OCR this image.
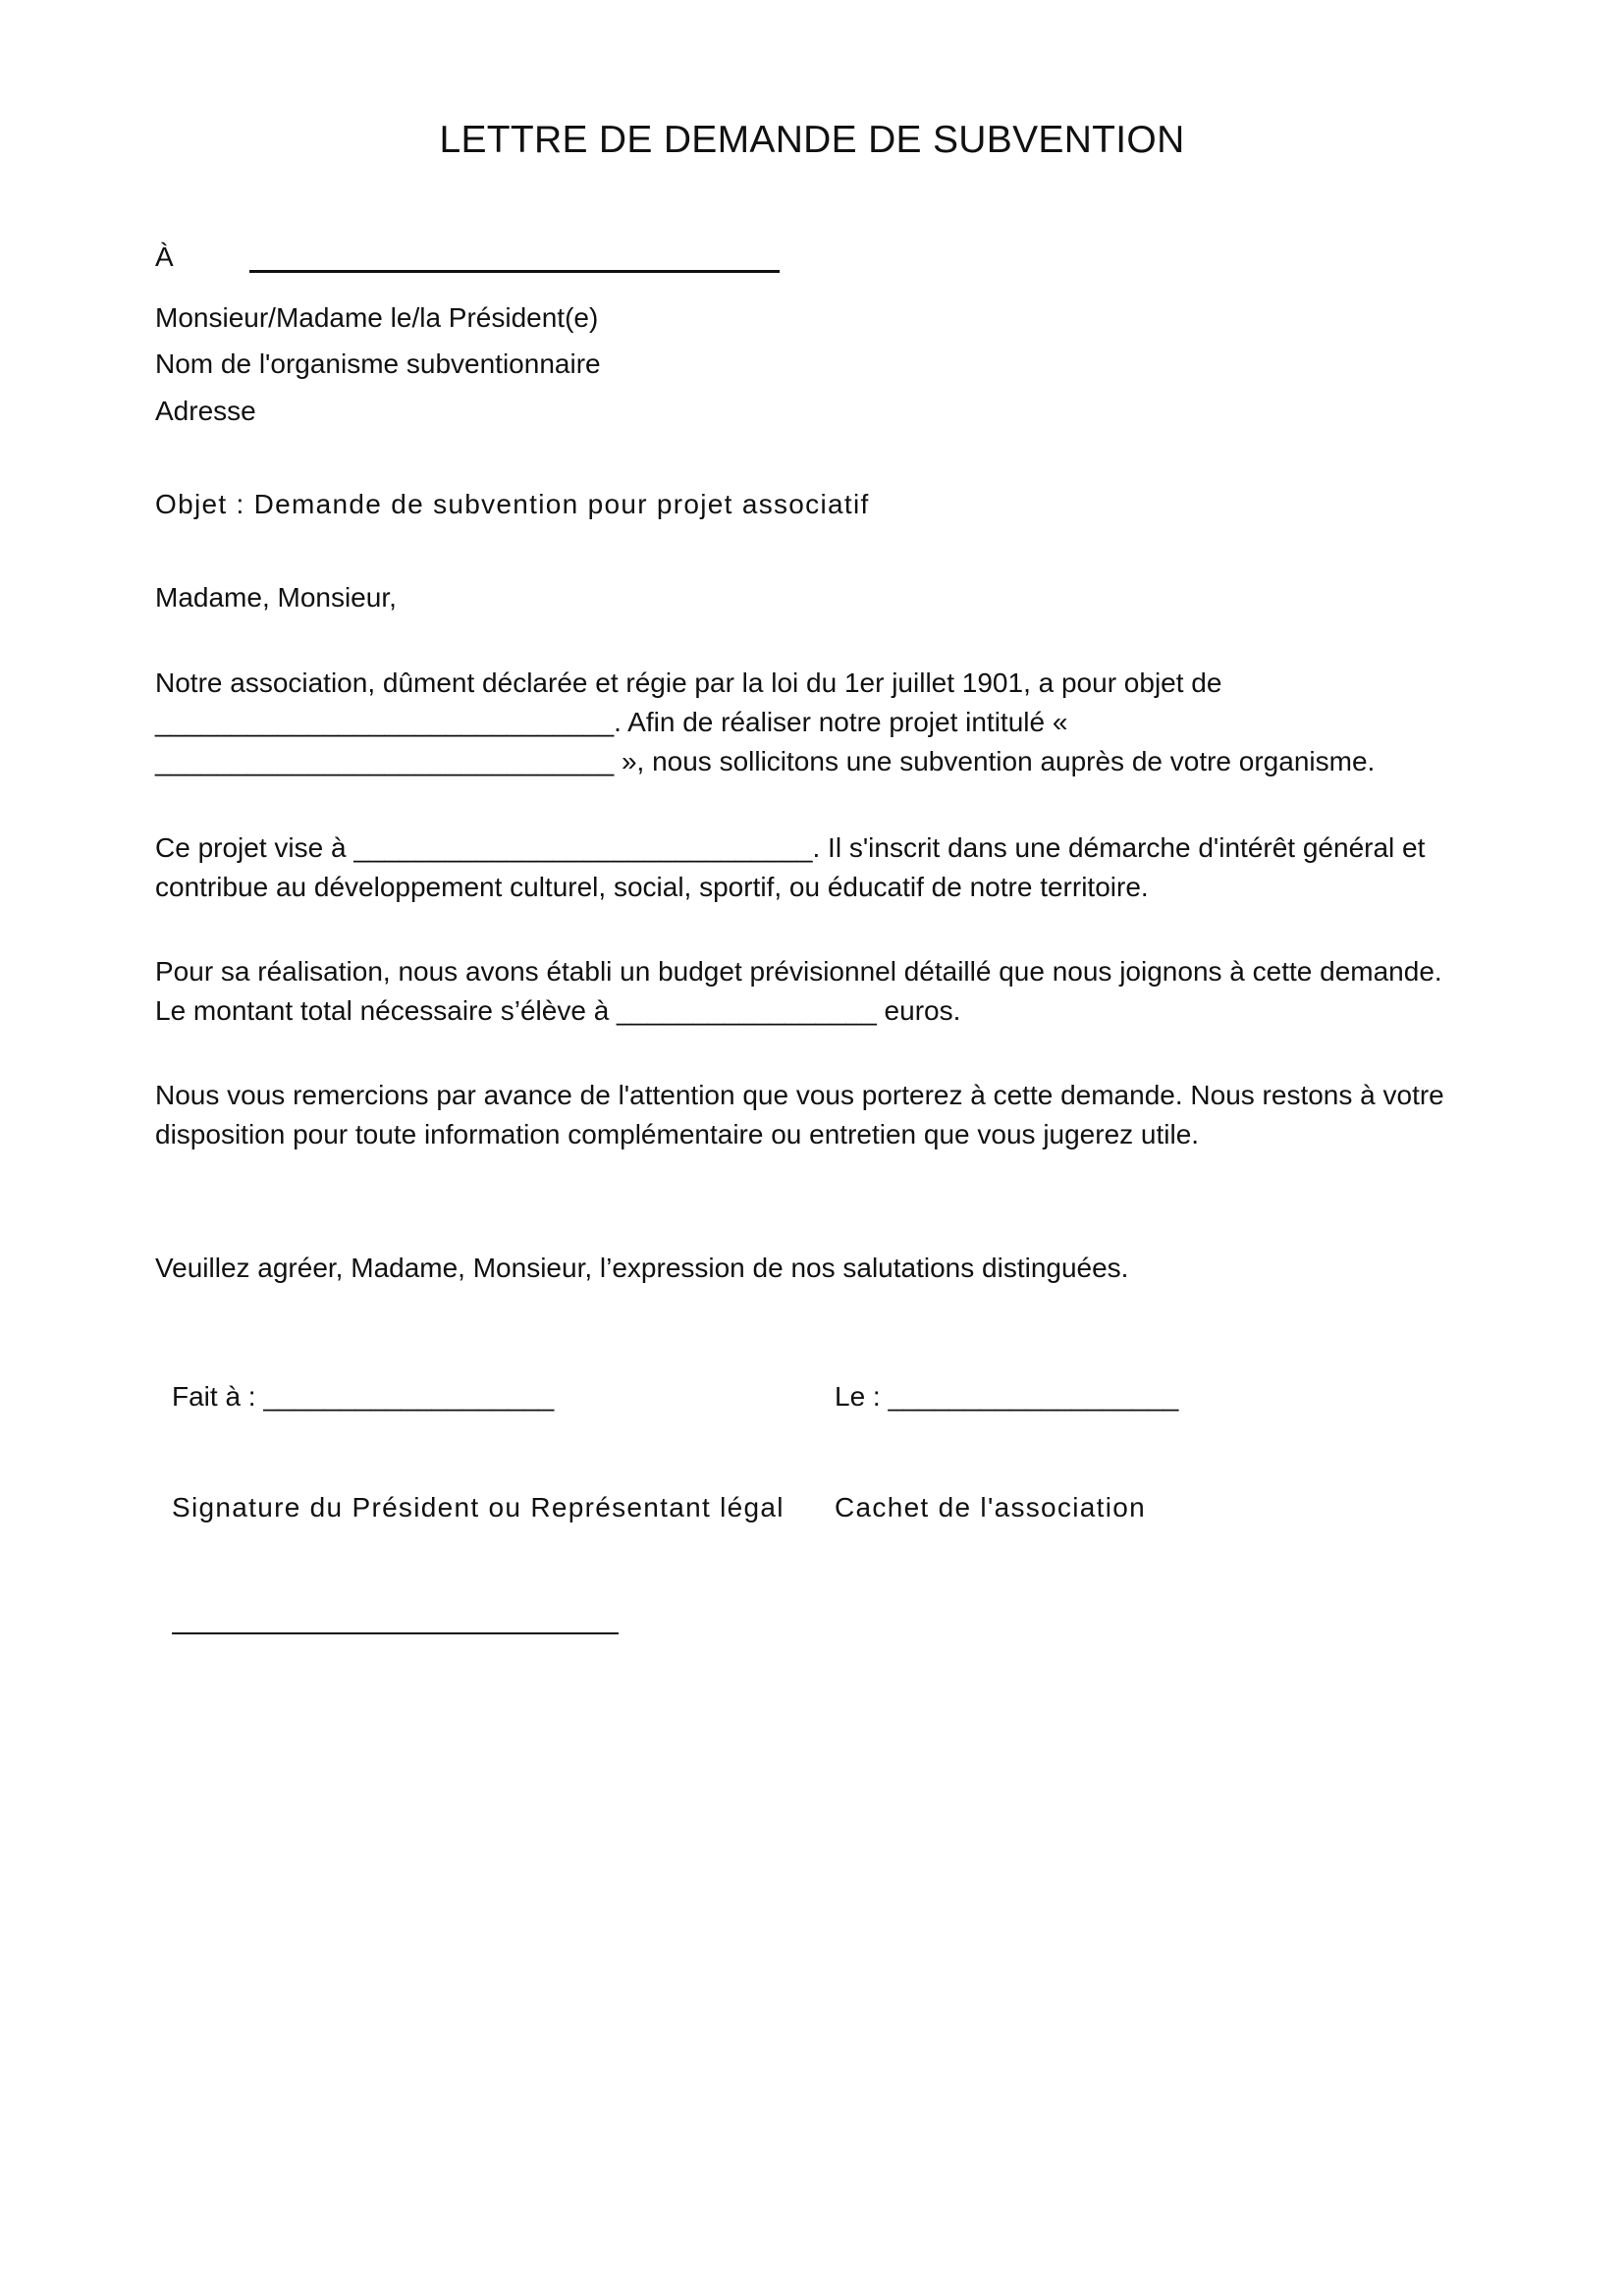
LETTRE DE DEMANDE DE SUBVENTION
À
Monsieur/Madame le/la Président(e)
Nom de l'organisme subventionnaire
Adresse
Objet : Demande de subvention pour projet associatif
Madame, Monsieur,
Notre association, dûment déclarée et régie par la loi du 1er juillet 1901, a pour objet de
______________________________. Afin de réaliser notre projet intitulé «
______________________________ », nous sollicitons une subvention auprès de votre organisme.
Ce projet vise à ______________________________. Il s'inscrit dans une démarche d'intérêt général et
contribue au développement culturel, social, sportif, ou éducatif de notre territoire.
Pour sa réalisation, nous avons établi un budget prévisionnel détaillé que nous joignons à cette demande.
Le montant total nécessaire s’élève à _________________ euros.
Nous vous remercions par avance de l'attention que vous porterez à cette demande. Nous restons à votre
disposition pour toute information complémentaire ou entretien que vous jugerez utile.
Veuillez agréer, Madame, Monsieur, l’expression de nos salutations distinguées.
Fait à : ___________________	Le : ___________________
Signature du Président ou Représentant légal Cachet de l'association
